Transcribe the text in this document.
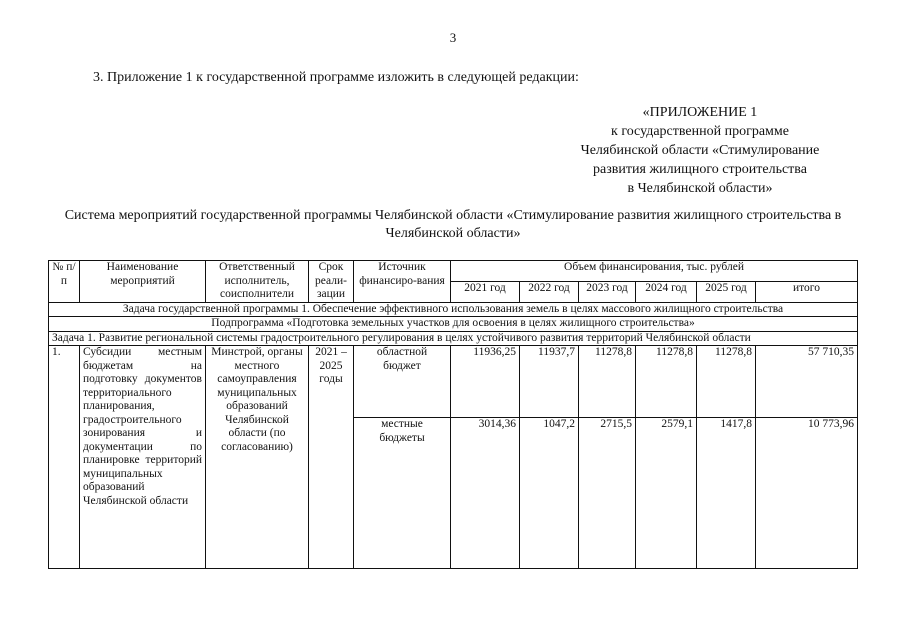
3
3. Приложение 1 к государственной программе изложить в следующей редакции:
«ПРИЛОЖЕНИЕ 1
к государственной программе
Челябинской области «Стимулирование
развития жилищного строительства
в Челябинской области»
Система мероприятий государственной программы Челябинской области «Стимулирование развития жилищного строительства в Челябинской области»
№ п/п	Наименование мероприятий	Ответственный исполнитель, соисполнители	Срок реали-зации	Источник финансиро-вания	Объем финансирования, тыс. рублей					
					2021 год	2022 год	2023 год	2024 год	2025 год	итого
Задача государственной программы 1. Обеспечение эффективного использования земель в целях массового жилищного строительства										
Подпрограмма «Подготовка земельных участков для освоения в целях жилищного строительства»										
Задача 1. Развитие региональной системы градостроительного регулирования в целях устойчивого развития территорий Челябинской области										
1.	Субсидии местным бюджетам на подготовку документов территориального планирования, градостроительного зонирования и документации по планировке территорий муниципальных образований Челябинской области	Минстрой, органы местного самоуправления муниципальных образований Челябинской области (по согласованию)	2021 – 2025 годы	областной бюджет	11936,25	11937,7	11278,8	11278,8	11278,8	57 710,35
				местные бюджеты	3014,36	1047,2	2715,5	2579,1	1417,8	10 773,96
